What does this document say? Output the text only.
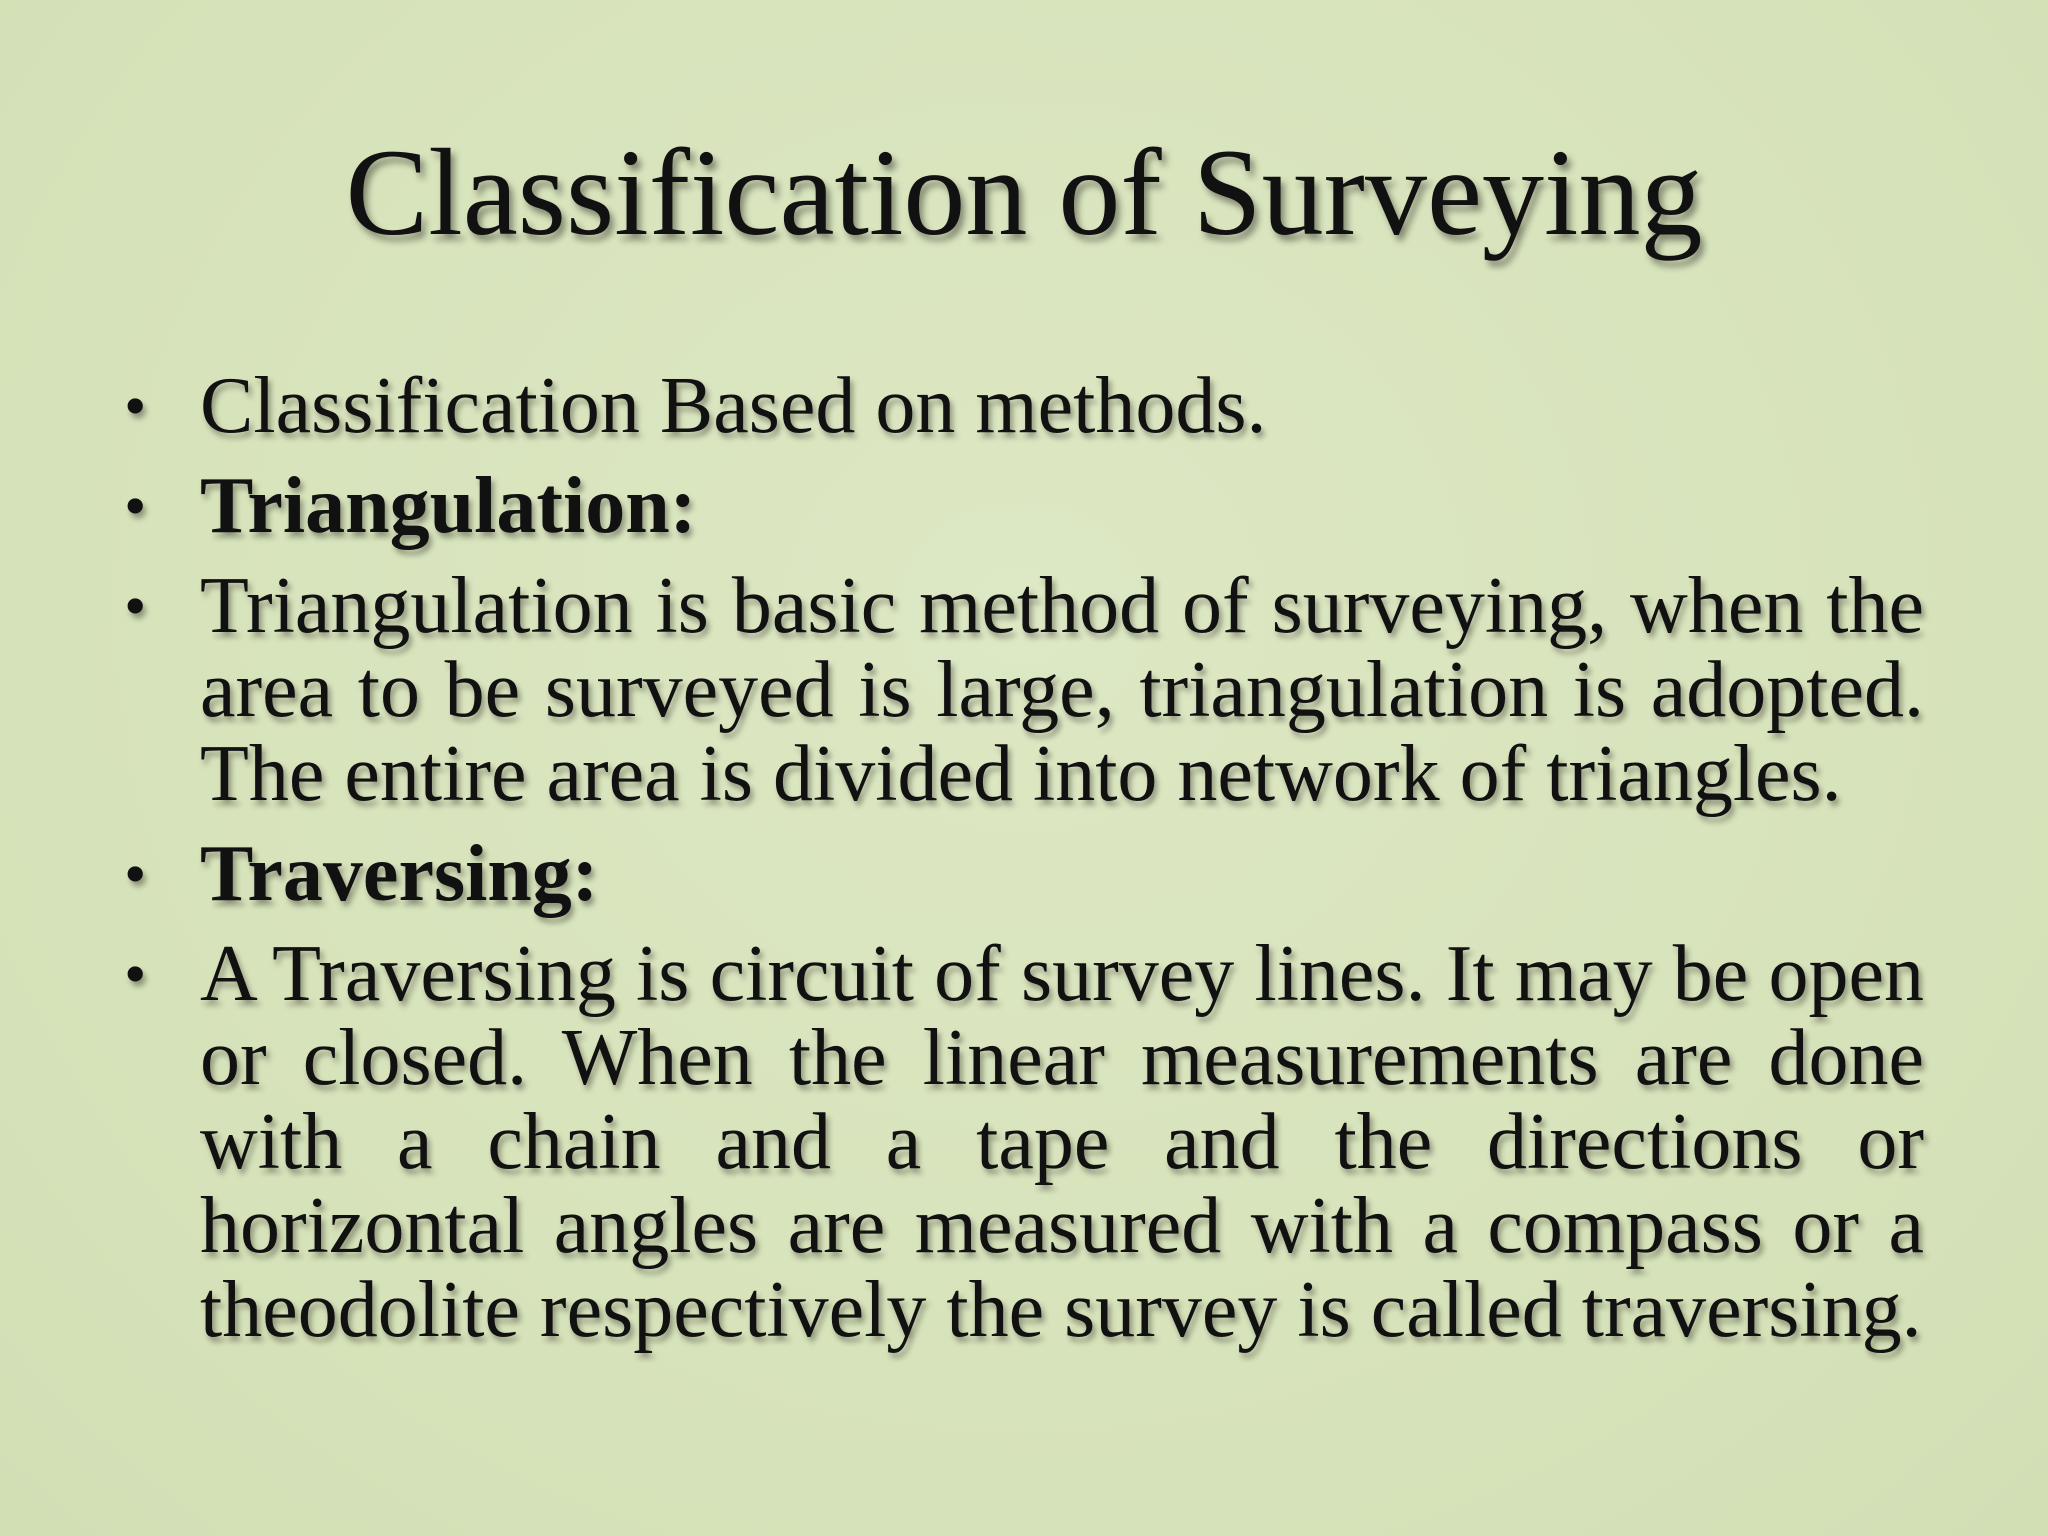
Classification of Surveying
• Classification Based on methods.
• Triangulation:
• Triangulation is basic method of surveying, when the area to be surveyed is large, triangulation is adopted. The entire area is divided into network of triangles.
• Traversing:
• A Traversing is circuit of survey lines. It may be open or closed. When the linear measurements are done with a chain and a tape and the directions or horizontal angles are measured with a compass or a theodolite respectively the survey is called traversing.
